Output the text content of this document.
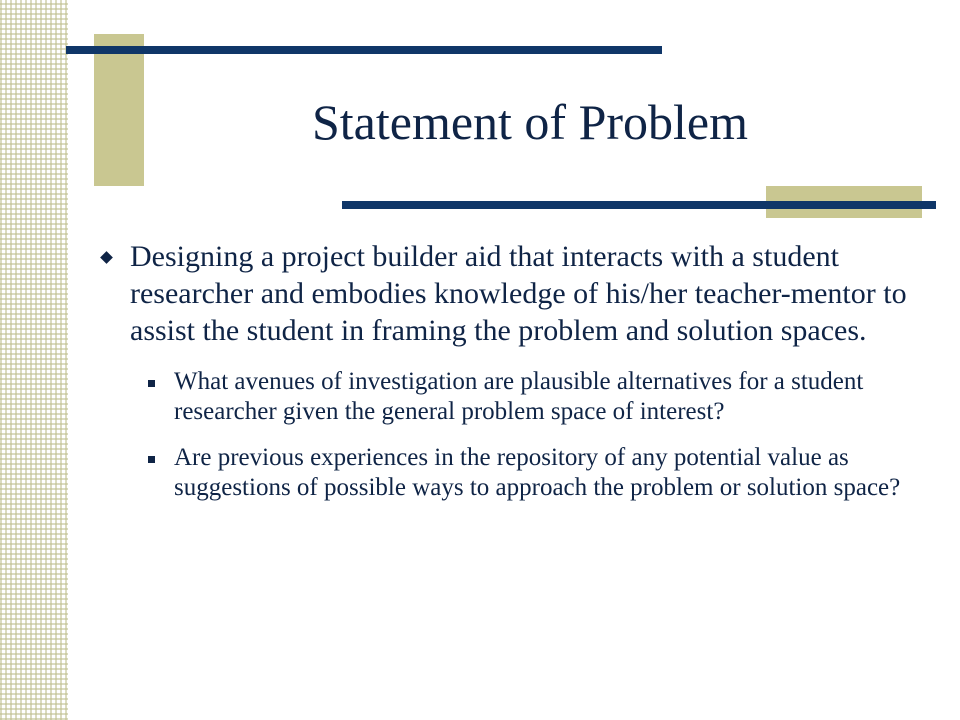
Statement of Problem
Designing a project builder aid that interacts with a student researcher and embodies knowledge of his/her teacher-mentor to assist the student in framing the problem and solution spaces.
What avenues of investigation are plausible alternatives for a student researcher given the general problem space of interest?
Are previous experiences in the repository of any potential value as suggestions of possible ways to approach the problem or solution space?
